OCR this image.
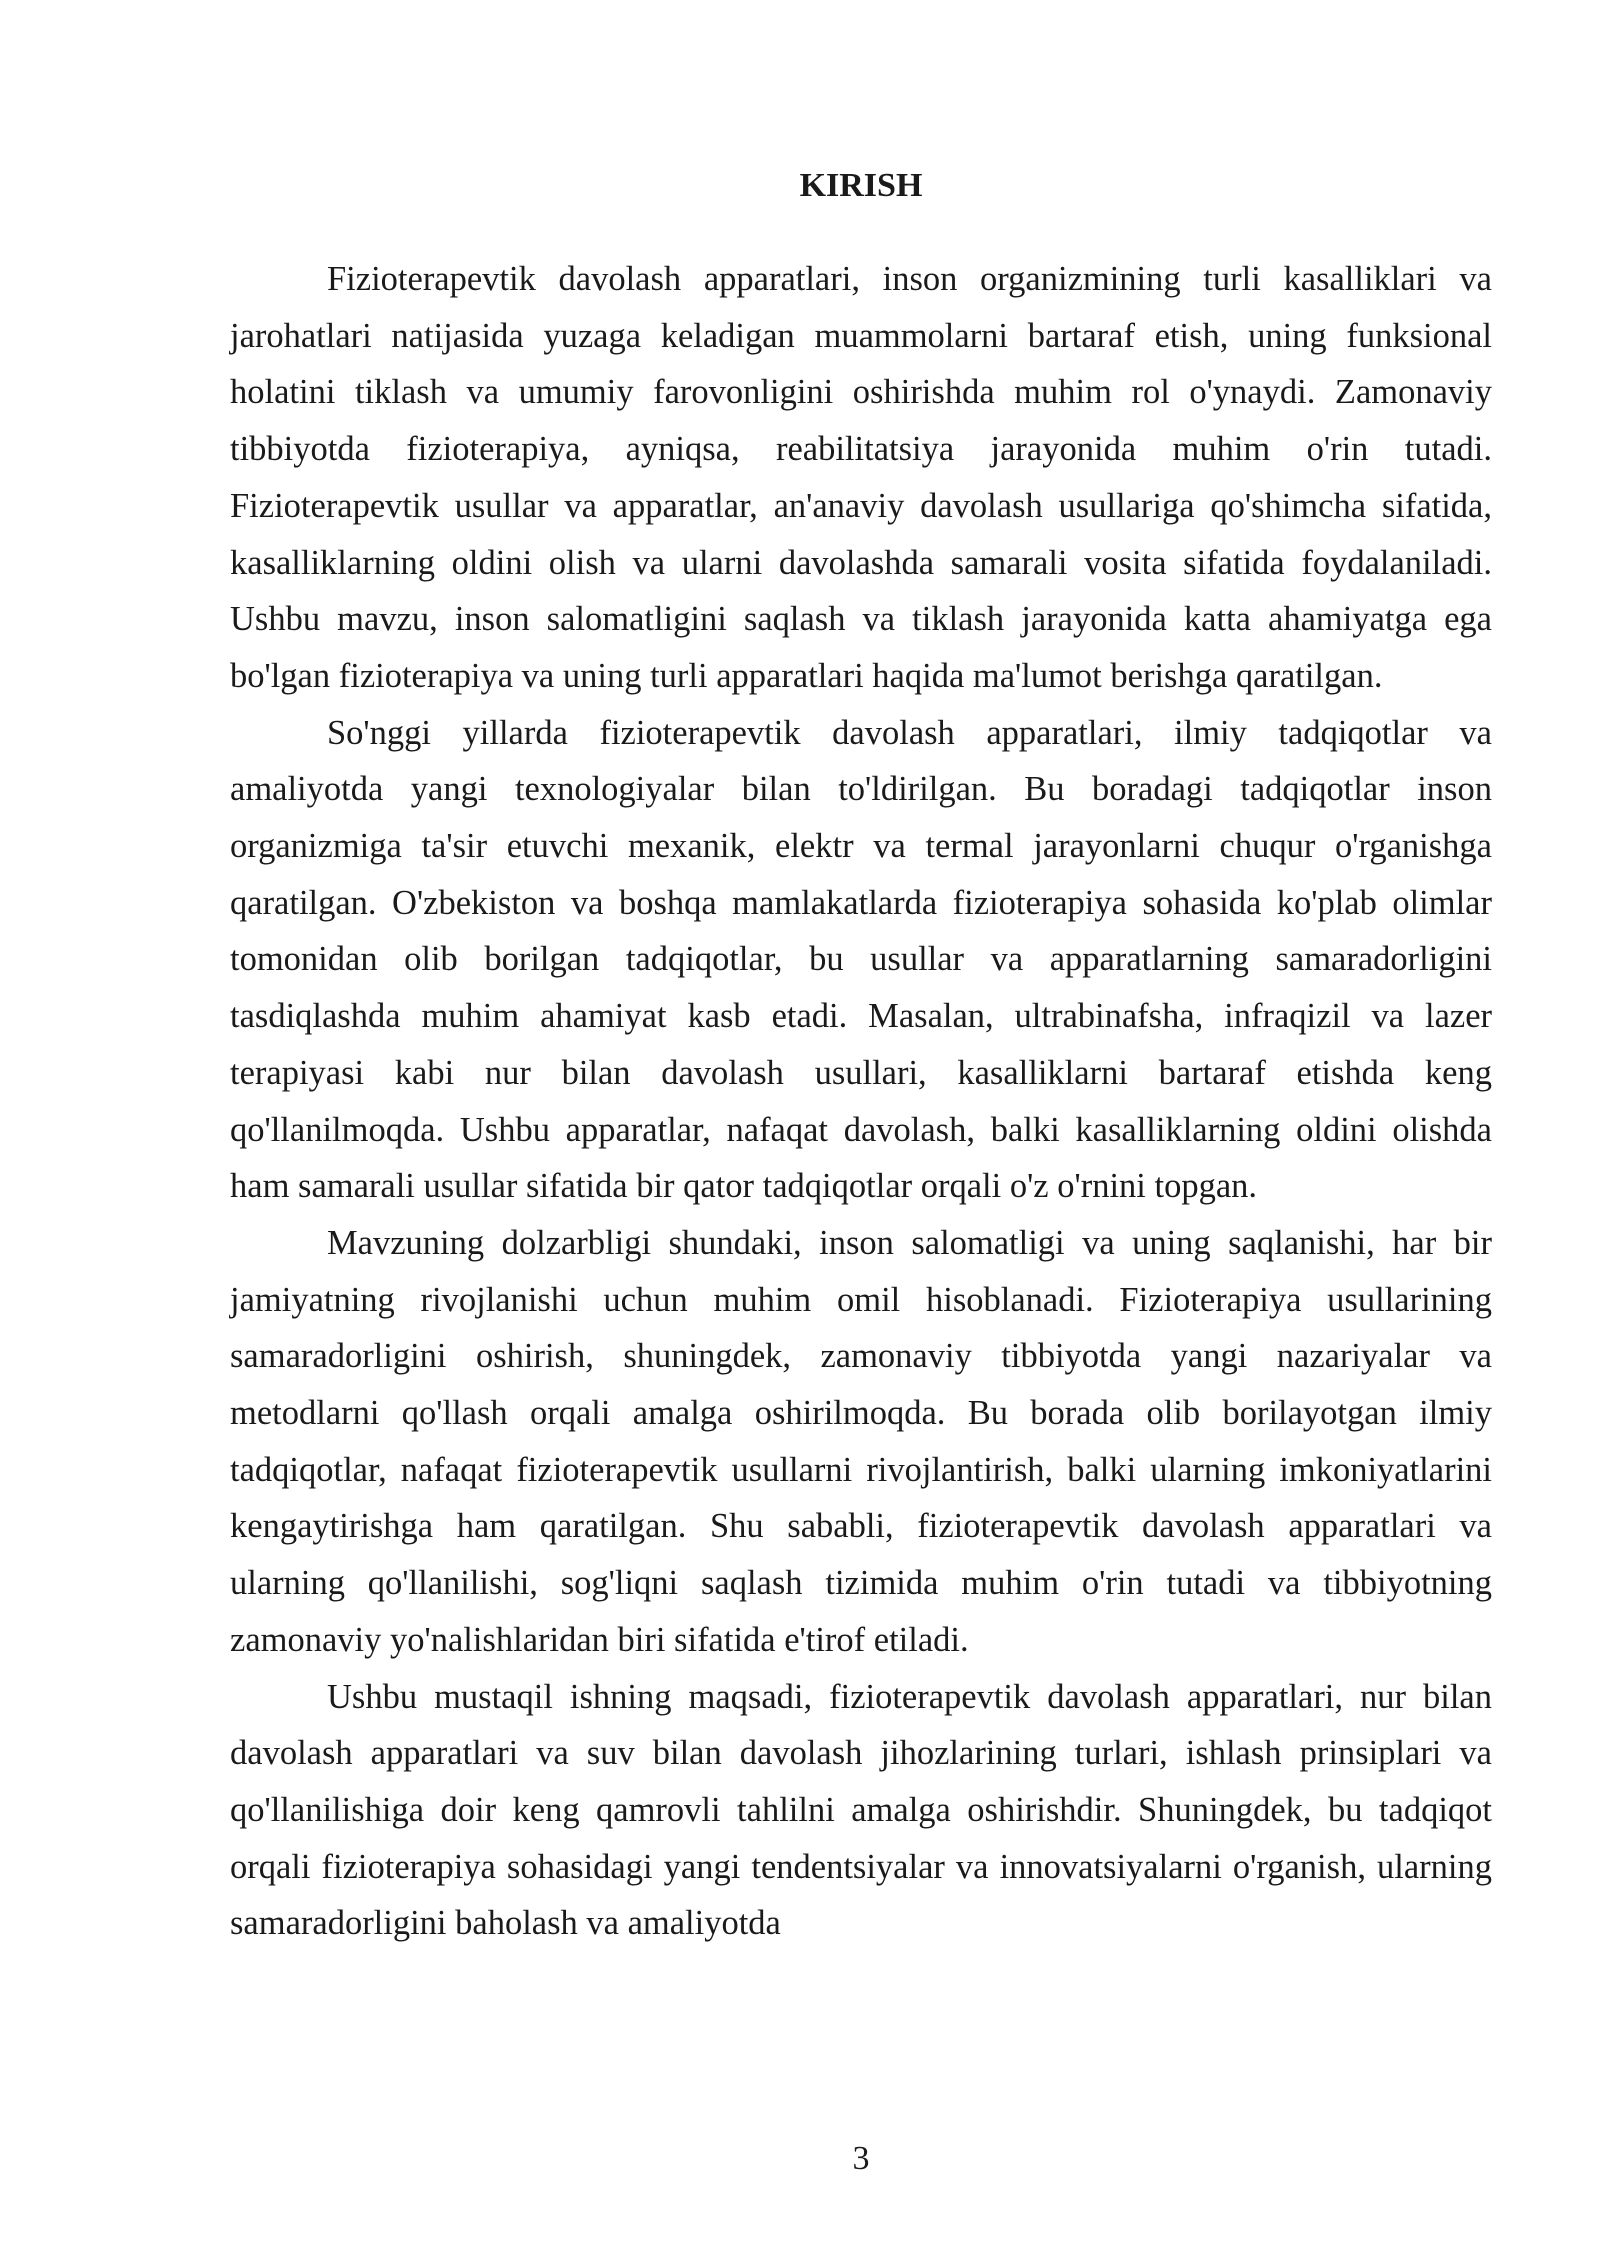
KIRISH

Fizioterapevtik davolash apparatlari, inson organizmining turli kasalliklari va jarohatlari natijasida yuzaga keladigan muammolarni bartaraf etish, uning funksional holatini tiklash va umumiy farovonligini oshirishda muhim rol o'ynaydi. Zamonaviy tibbiyotda fizioterapiya, ayniqsa, reabilitatsiya jarayonida muhim o'rin tutadi. Fizioterapevtik usullar va apparatlar, an'anaviy davolash usullariga qo'shimcha sifatida, kasalliklarning oldini olish va ularni davolashda samarali vosita sifatida foydalaniladi. Ushbu mavzu, inson salomatligini saqlash va tiklash jarayonida katta ahamiyatga ega bo'lgan fizioterapiya va uning turli apparatlari haqida ma'lumot berishga qaratilgan.

So'nggi yillarda fizioterapevtik davolash apparatlari, ilmiy tadqiqotlar va amaliyotda yangi texnologiyalar bilan to'ldirilgan. Bu boradagi tadqiqotlar inson organizmiga ta'sir etuvchi mexanik, elektr va termal jarayonlarni chuqur o'rganishga qaratilgan. O'zbekiston va boshqa mamlakatlarda fizioterapiya sohasida ko'plab olimlar tomonidan olib borilgan tadqiqotlar, bu usullar va apparatlarning samaradorligini tasdiqlashda muhim ahamiyat kasb etadi. Masalan, ultrabinafsha, infraqizil va lazer terapiyasi kabi nur bilan davolash usullari, kasalliklarni bartaraf etishda keng qo'llanilmoqda. Ushbu apparatlar, nafaqat davolash, balki kasalliklarning oldini olishda ham samarali usullar sifatida bir qator tadqiqotlar orqali o'z o'rnini topgan.

Mavzuning dolzarbligi shundaki, inson salomatligi va uning saqlanishi, har bir jamiyatning rivojlanishi uchun muhim omil hisoblanadi. Fizioterapiya usullarining samaradorligini oshirish, shuningdek, zamonaviy tibbiyotda yangi nazariyalar va metodlarni qo'llash orqali amalga oshirilmoqda. Bu borada olib borilayotgan ilmiy tadqiqotlar, nafaqat fizioterapevtik usullarni rivojlantirish, balki ularning imkoniyatlarini kengaytirishga ham qaratilgan. Shu sababli, fizioterapevtik davolash apparatlari va ularning qo'llanilishi, sog'liqni saqlash tizimida muhim o'rin tutadi va tibbiyotning zamonaviy yo'nalishlaridan biri sifatida e'tirof etiladi.

Ushbu mustaqil ishning maqsadi, fizioterapevtik davolash apparatlari, nur bilan davolash apparatlari va suv bilan davolash jihozlarining turlari, ishlash prinsiplari va qo'llanilishiga doir keng qamrovli tahlilni amalga oshirishdir. Shuningdek, bu tadqiqot orqali fizioterapiya sohasidagi yangi tendentsiyalar va innovatsiyalarni o'rganish, ularning samaradorligini baholash va amaliyotda

3
